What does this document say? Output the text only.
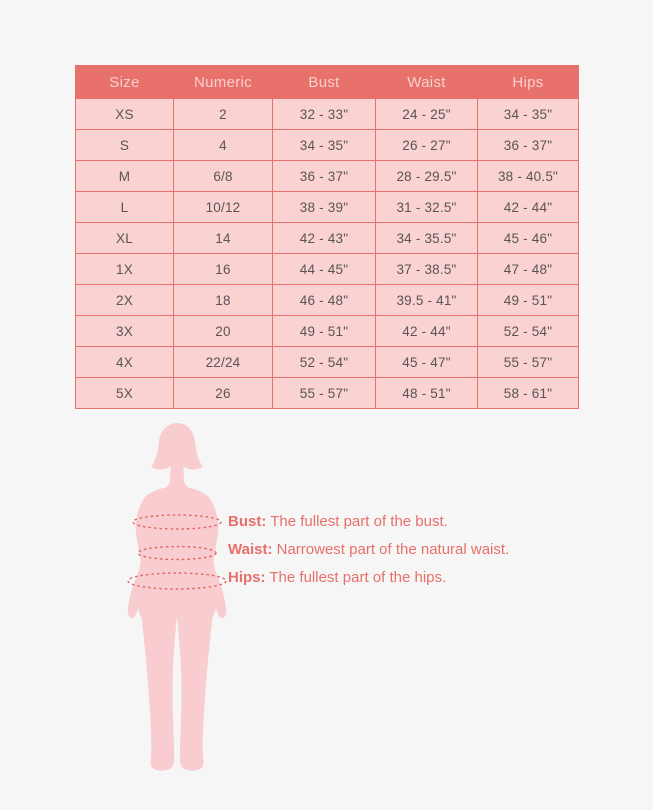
Size	Numeric	Bust	Waist	Hips
XS	2	32 - 33"	24 - 25"	34 - 35"
S	4	34 - 35"	26 - 27"	36 - 37"
M	6/8	36 - 37"	28 - 29.5"	38 - 40.5"
L	10/12	38 - 39"	31 - 32.5"	42 - 44"
XL	14	42 - 43"	34 - 35.5"	45 - 46"
1X	16	44 - 45"	37 - 38.5"	47 - 48"
2X	18	46 - 48"	39.5 - 41"	49 - 51"
3X	20	49 - 51"	42 - 44"	52 - 54"
4X	22/24	52 - 54"	45 - 47"	55 - 57"
5X	26	55 - 57"	48 - 51"	58 - 61"

Bust: The fullest part of the bust.

Waist: Narrowest part of the natural waist.

Hips: The fullest part of the hips.
